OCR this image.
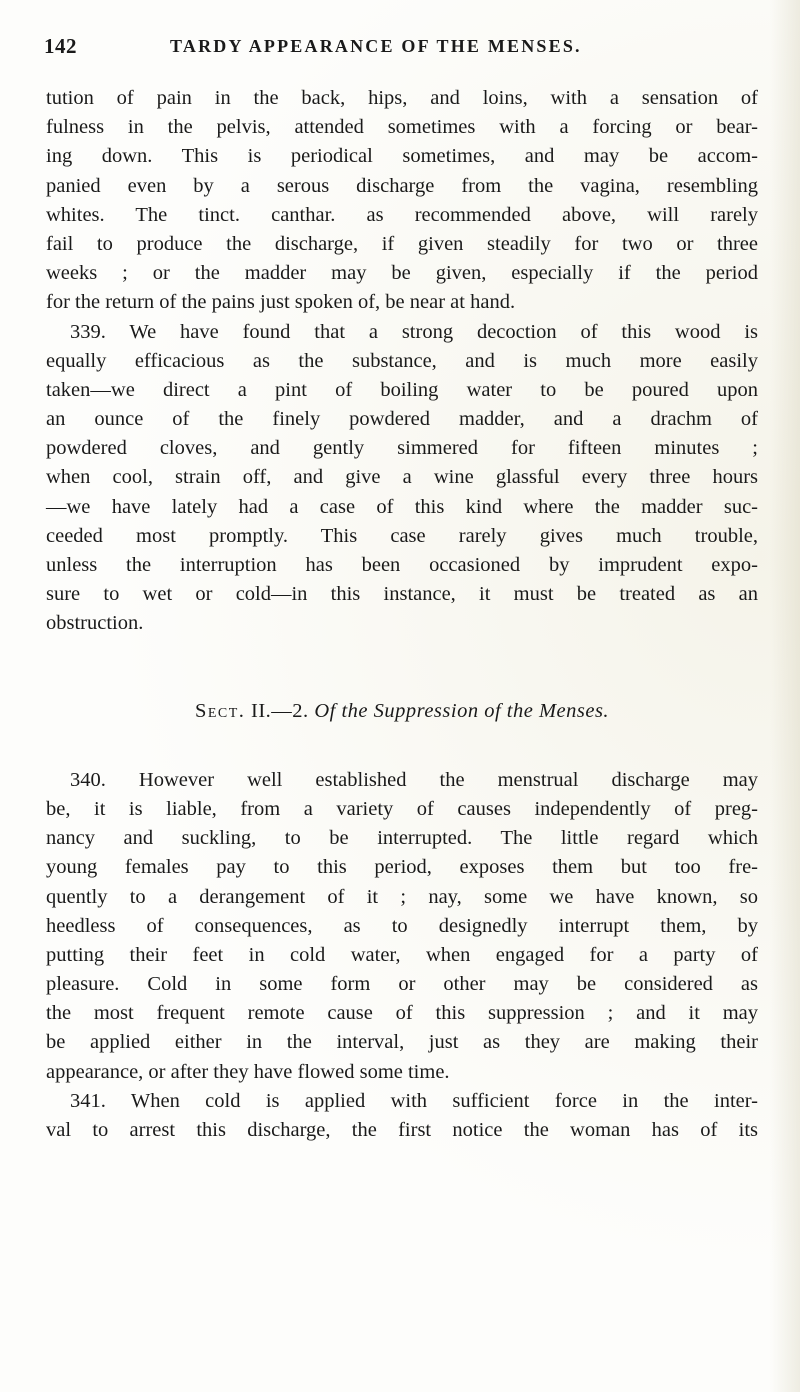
142	TARDY APPEARANCE OF THE MENSES.
tution of pain in the back, hips, and loins, with a sensation of
fulness in the pelvis, attended sometimes with a forcing or bear-
ing down. This is periodical sometimes, and may be accom-
panied even by a serous discharge from the vagina, resembling
whites. The tinct. canthar. as recommended above, will rarely
fail to produce the discharge, if given steadily for two or three
weeks ; or the madder may be given, especially if the period
for the return of the pains just spoken of, be near at hand.
339. We have found that a strong decoction of this wood is
equally efficacious as the substance, and is much more easily
taken—we direct a pint of boiling water to be poured upon
an ounce of the finely powdered madder, and a drachm of
powdered cloves, and gently simmered for fifteen minutes ;
when cool, strain off, and give a wine glassful every three hours
—we have lately had a case of this kind where the madder suc-
ceeded most promptly. This case rarely gives much trouble,
unless the interruption has been occasioned by imprudent expo-
sure to wet or cold—in this instance, it must be treated as an
obstruction.
Sect. II.—2. Of the Suppression of the Menses.
340. However well established the menstrual discharge may
be, it is liable, from a variety of causes independently of preg-
nancy and suckling, to be interrupted. The little regard which
young females pay to this period, exposes them but too fre-
quently to a derangement of it ; nay, some we have known, so
heedless of consequences, as to designedly interrupt them, by
putting their feet in cold water, when engaged for a party of
pleasure. Cold in some form or other may be considered as
the most frequent remote cause of this suppression ; and it may
be applied either in the interval, just as they are making their
appearance, or after they have flowed some time.
341. When cold is applied with sufficient force in the inter-
val to arrest this discharge, the first notice the woman has of its
